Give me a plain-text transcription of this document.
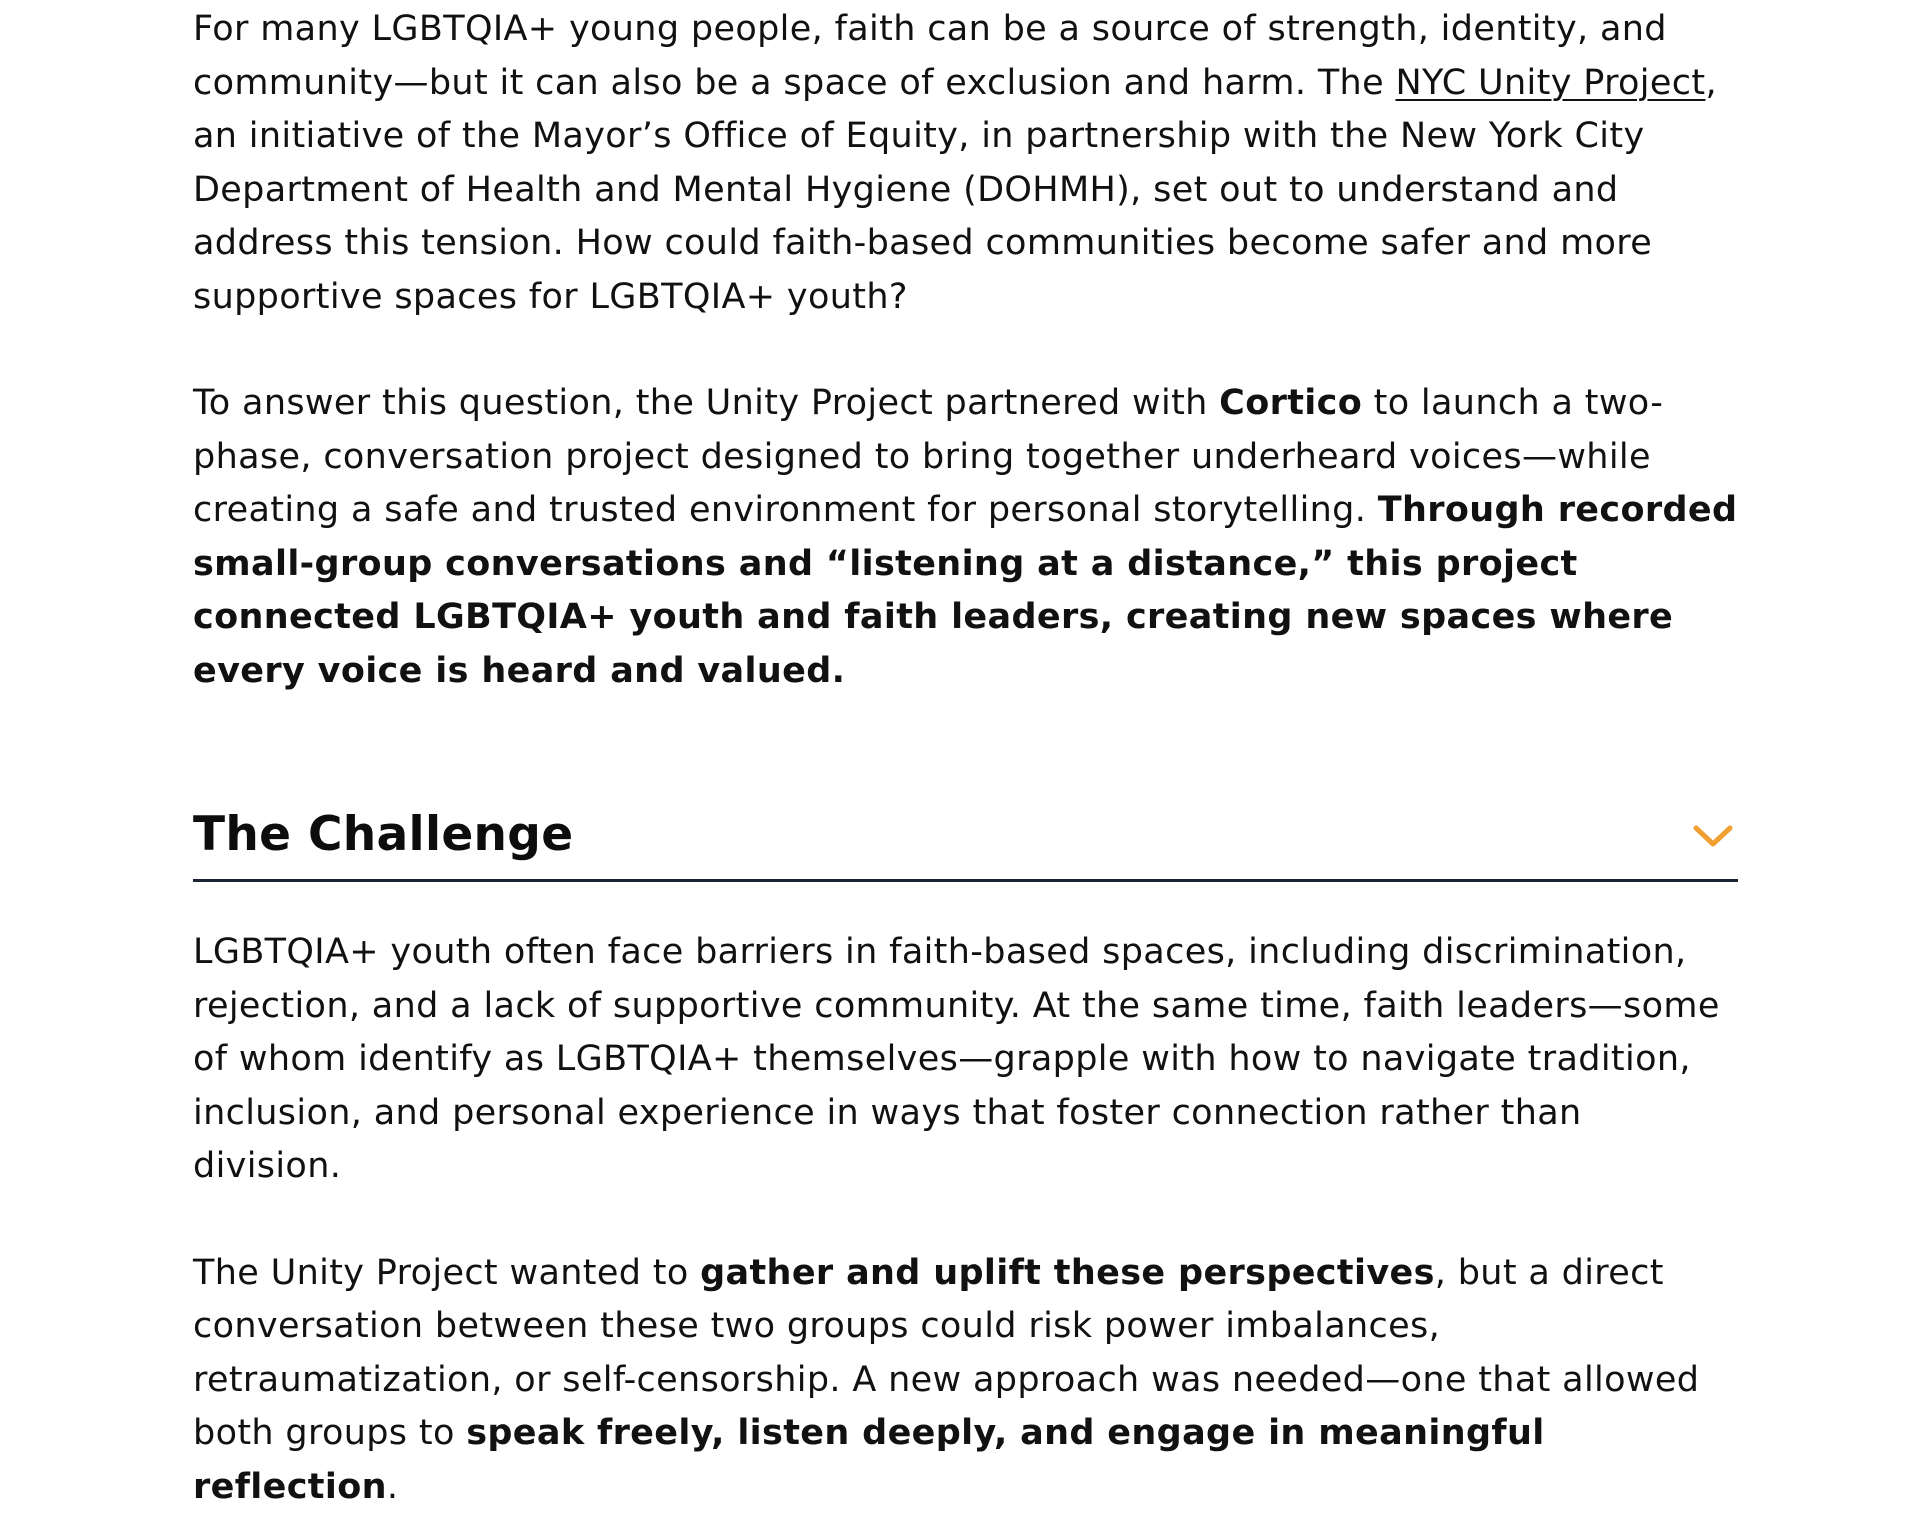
For many LGBTQIA+ young people, faith can be a source of strength, identity, and community—but it can also be a space of exclusion and harm. The NYC Unity Project, an initiative of the Mayor’s Office of Equity, in partnership with the New York City Department of Health and Mental Hygiene (DOHMH), set out to understand and address this tension. How could faith-based communities become safer and more supportive spaces for LGBTQIA+ youth?

To answer this question, the Unity Project partnered with Cortico to launch a two-phase, conversation project designed to bring together underheard voices—while creating a safe and trusted environment for personal storytelling. Through recorded small-group conversations and “listening at a distance,” this project connected LGBTQIA+ youth and faith leaders, creating new spaces where every voice is heard and valued.

The Challenge

LGBTQIA+ youth often face barriers in faith-based spaces, including discrimination, rejection, and a lack of supportive community. At the same time, faith leaders—some of whom identify as LGBTQIA+ themselves—grapple with how to navigate tradition, inclusion, and personal experience in ways that foster connection rather than division.

The Unity Project wanted to gather and uplift these perspectives, but a direct conversation between these two groups could risk power imbalances, retraumatization, or self-censorship. A new approach was needed—one that allowed both groups to speak freely, listen deeply, and engage in meaningful reflection.
